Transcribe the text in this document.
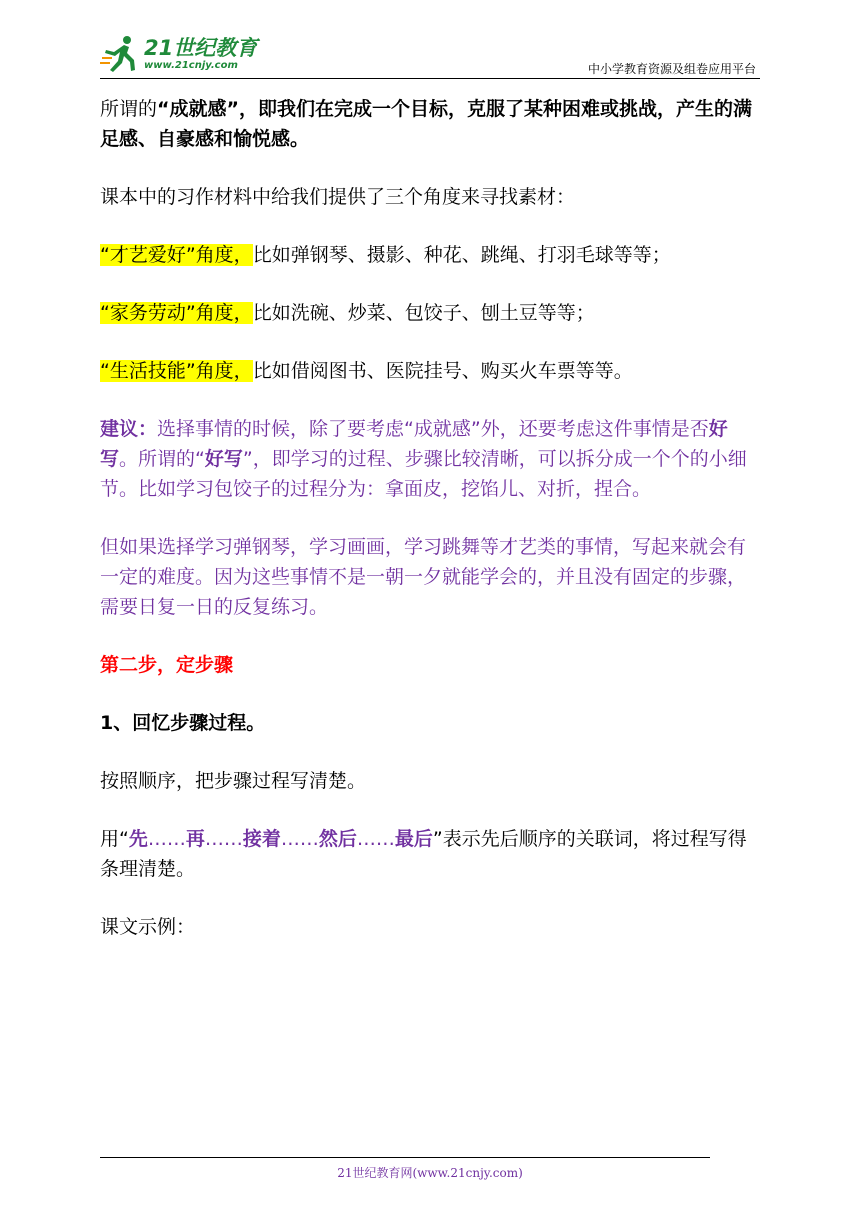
21世纪教育
www.21cnjy.com	中小学教育资源及组卷应用平台

所谓的“成就感”，即我们在完成一个目标，克服了某种困难或挑战，产生的满足感、自豪感和愉悦感。

课本中的习作材料中给我们提供了三个角度来寻找素材：

“才艺爱好”角度，比如弹钢琴、摄影、种花、跳绳、打羽毛球等等；

“家务劳动”角度，比如洗碗、炒菜、包饺子、刨土豆等等；

“生活技能”角度，比如借阅图书、医院挂号、购买火车票等等。

建议：选择事情的时候，除了要考虑“成就感”外，还要考虑这件事情是否好写。所谓的“好写”，即学习的过程、步骤比较清晰，可以拆分成一个个的小细节。比如学习包饺子的过程分为：拿面皮，挖馅儿、对折，捏合。

但如果选择学习弹钢琴，学习画画，学习跳舞等才艺类的事情，写起来就会有一定的难度。因为这些事情不是一朝一夕就能学会的，并且没有固定的步骤，需要日复一日的反复练习。

第二步，定步骤

1、回忆步骤过程。

按照顺序，把步骤过程写清楚。

用“先……再……接着……然后……最后”表示先后顺序的关联词，将过程写得条理清楚。

课文示例：

21世纪教育网(www.21cnjy.com)
